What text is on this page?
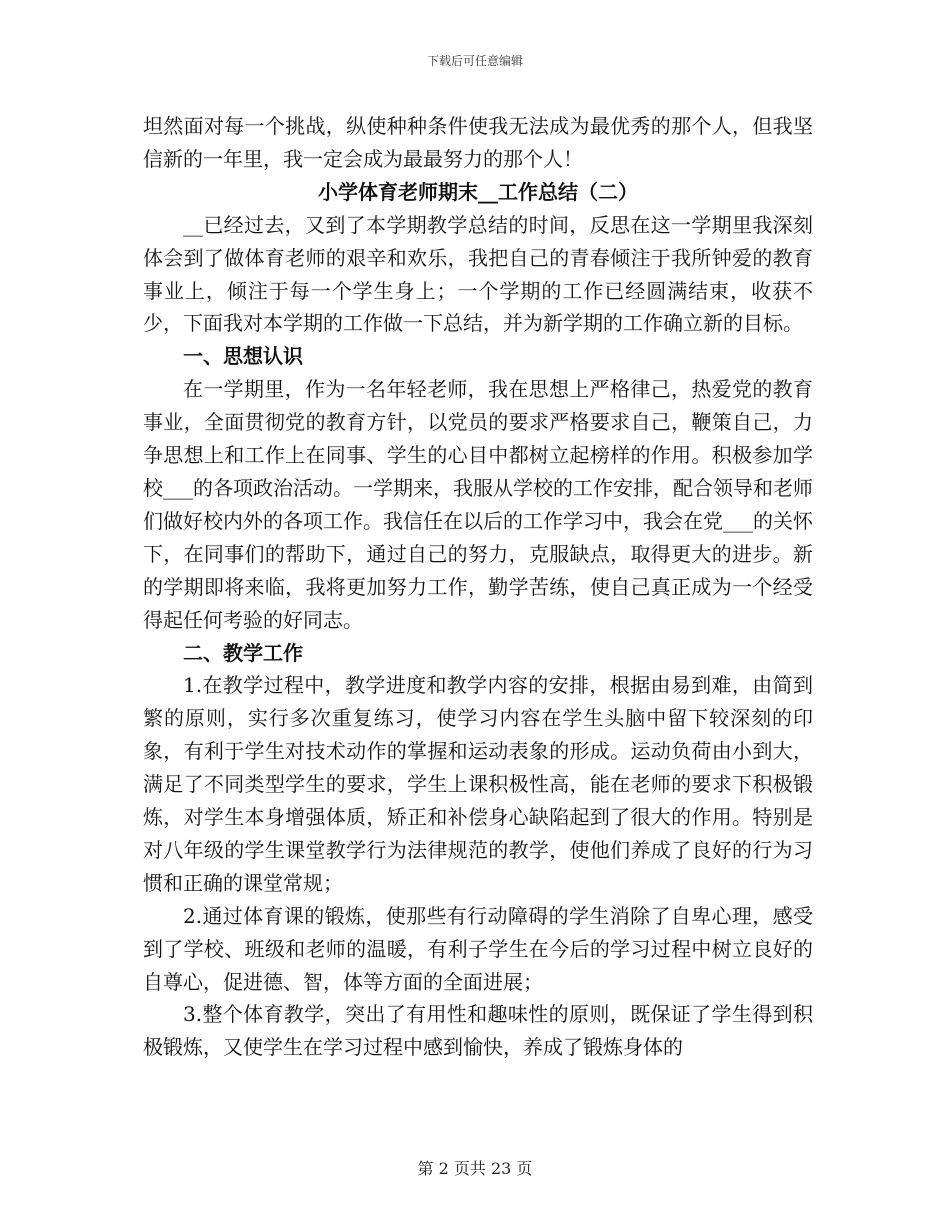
下载后可任意编辑

坦然面对每一个挑战，纵使种种条件使我无法成为最优秀的那个人，但我坚信新的一年里，我一定会成为最最努力的那个人！

小学体育老师期末__工作总结（二）

__已经过去，又到了本学期教学总结的时间，反思在这一学期里我深刻体会到了做体育老师的艰辛和欢乐，我把自己的青春倾注于我所钟爱的教育事业上，倾注于每一个学生身上；一个学期的工作已经圆满结束，收获不少，下面我对本学期的工作做一下总结，并为新学期的工作确立新的目标。

一、思想认识

在一学期里，作为一名年轻老师，我在思想上严格律己，热爱党的教育事业，全面贯彻党的教育方针，以党员的要求严格要求自己，鞭策自己，力争思想上和工作上在同事、学生的心目中都树立起榜样的作用。积极参加学校___的各项政治活动。一学期来，我服从学校的工作安排，配合领导和老师们做好校内外的各项工作。我信任在以后的工作学习中，我会在党___的关怀下，在同事们的帮助下，通过自己的努力，克服缺点，取得更大的进步。新的学期即将来临，我将更加努力工作，勤学苦练，使自己真正成为一个经受得起任何考验的好同志。

二、教学工作

1.在教学过程中，教学进度和教学内容的安排，根据由易到难，由简到繁的原则，实行多次重复练习，使学习内容在学生头脑中留下较深刻的印象，有利于学生对技术动作的掌握和运动表象的形成。运动负荷由小到大，满足了不同类型学生的要求，学生上课积极性高，能在老师的要求下积极锻炼，对学生本身增强体质，矫正和补偿身心缺陷起到了很大的作用。特别是对八年级的学生课堂教学行为法律规范的教学，使他们养成了良好的行为习惯和正确的课堂常规；

2.通过体育课的锻炼，使那些有行动障碍的学生消除了自卑心理，感受到了学校、班级和老师的温暖，有利子学生在今后的学习过程中树立良好的自尊心，促进德、智，体等方面的全面进展；

3.整个体育教学，突出了有用性和趣味性的原则，既保证了学生得到积极锻炼，又使学生在学习过程中感到愉快，养成了锻炼身体的

第 2 页共 23 页
